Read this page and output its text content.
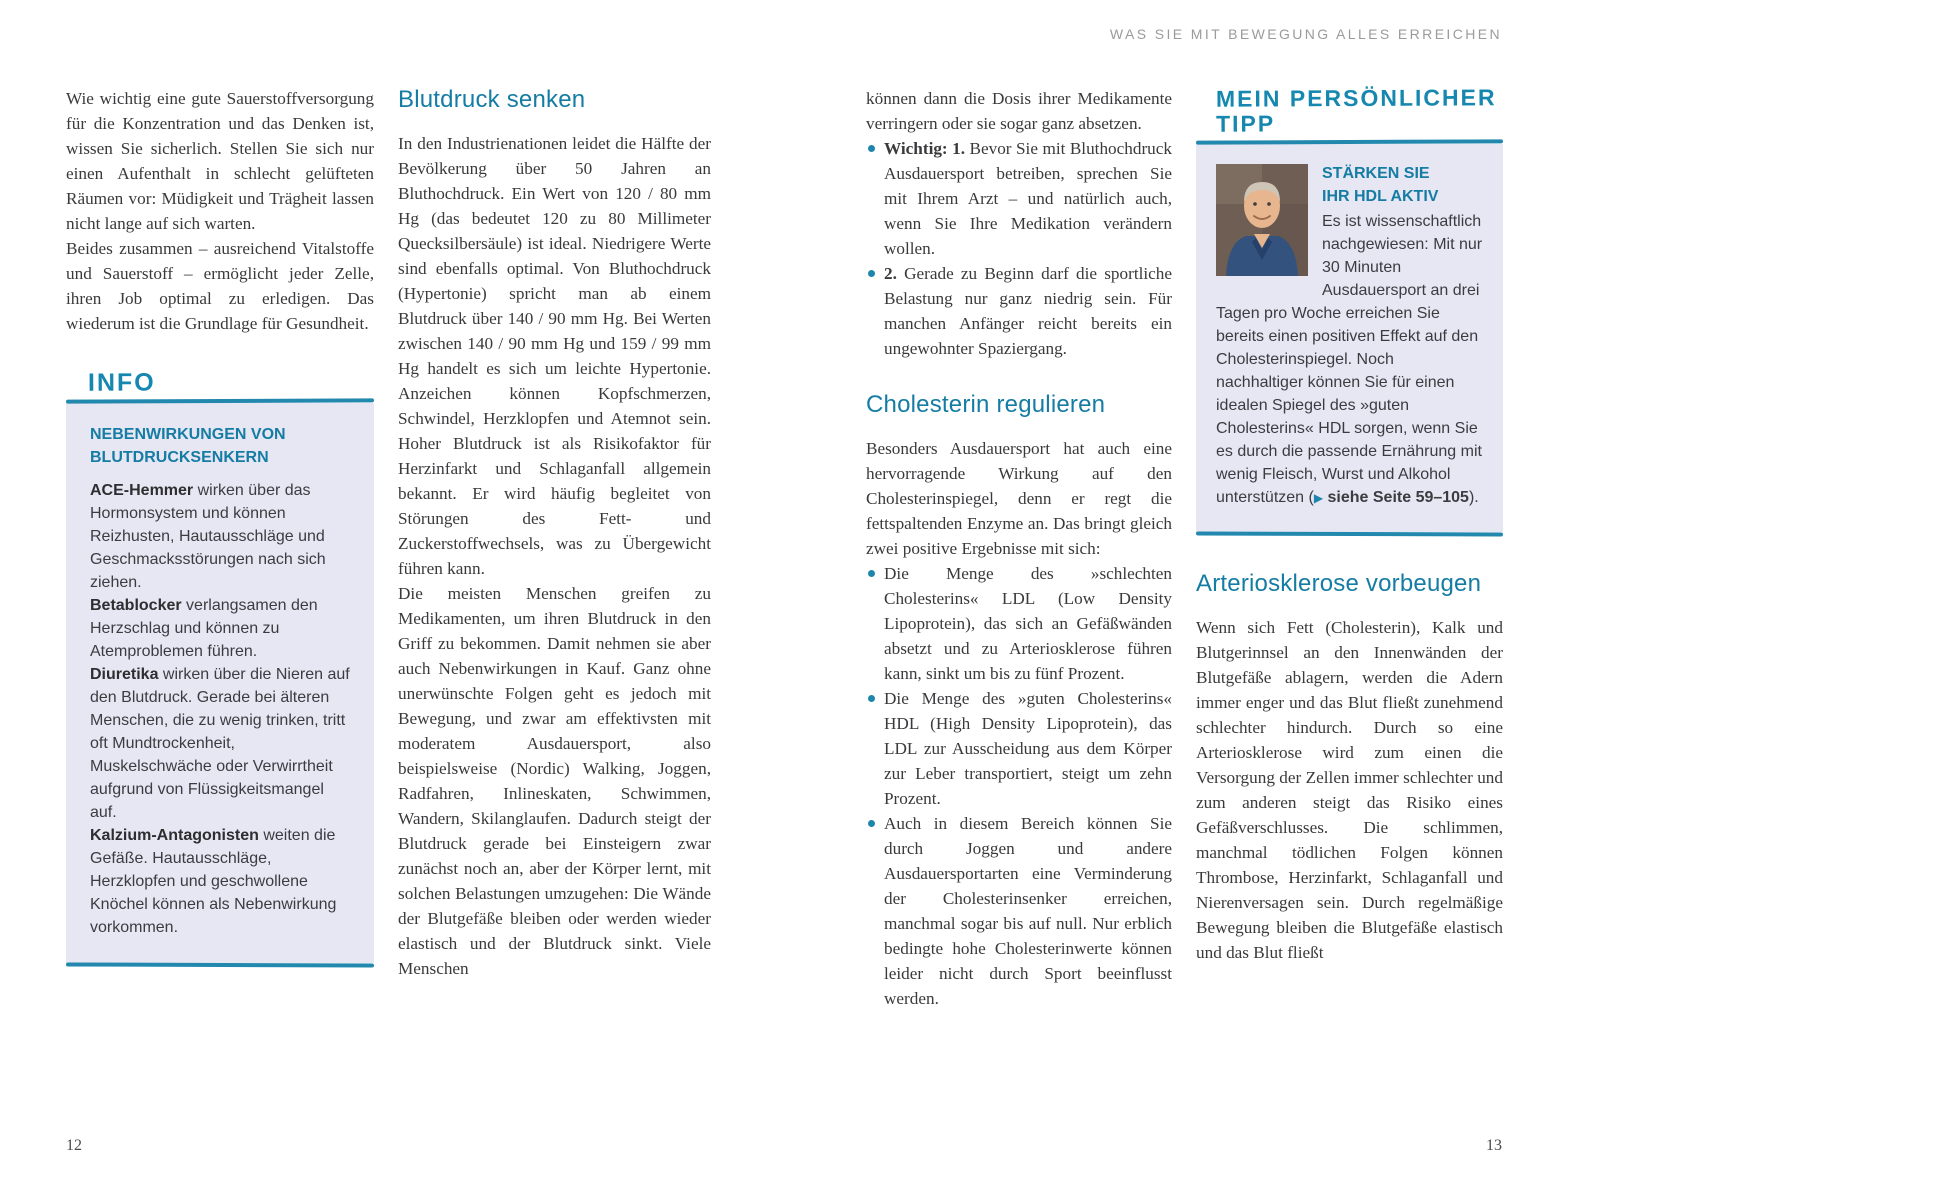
WAS SIE MIT BEWEGUNG ALLES ERREICHEN

Wie wichtig eine gute Sauerstoffversorgung für die Konzentration und das Denken ist, wissen Sie sicherlich. Stellen Sie sich nur einen Aufenthalt in schlecht gelüfteten Räumen vor: Müdigkeit und Trägheit lassen nicht lange auf sich warten.

Beides zusammen – ausreichend Vitalstoffe und Sauerstoff – ermöglicht jeder Zelle, ihren Job optimal zu erledigen. Das wiederum ist die Grundlage für Gesundheit.

INFO

NEBENWIRKUNGEN VON BLUTDRUCKSENKERN

ACE-Hemmer wirken über das Hormonsystem und können Reizhusten, Hautausschläge und Geschmacksstörungen nach sich ziehen.

Betablocker verlangsamen den Herzschlag und können zu Atemproblemen führen.

Diuretika wirken über die Nieren auf den Blutdruck. Gerade bei älteren Menschen, die zu wenig trinken, tritt oft Mundtrockenheit, Muskelschwäche oder Verwirrtheit aufgrund von Flüssigkeitsmangel auf.

Kalzium-Antagonisten weiten die Gefäße. Hautausschläge, Herzklopfen und geschwollene Knöchel können als Nebenwirkung vorkommen.

Blutdruck senken

In den Industrienationen leidet die Hälfte der Bevölkerung über 50 Jahren an Bluthochdruck. Ein Wert von 120 / 80 mm Hg (das bedeutet 120 zu 80 Millimeter Quecksilbersäule) ist ideal. Niedrigere Werte sind ebenfalls optimal. Von Bluthochdruck (Hypertonie) spricht man ab einem Blutdruck über 140 / 90 mm Hg. Bei Werten zwischen 140 / 90 mm Hg und 159 / 99 mm Hg handelt es sich um leichte Hypertonie. Anzeichen können Kopfschmerzen, Schwindel, Herzklopfen und Atemnot sein. Hoher Blutdruck ist als Risikofaktor für Herzinfarkt und Schlaganfall allgemein bekannt. Er wird häufig begleitet von Störungen des Fett- und Zuckerstoffwechsels, was zu Übergewicht führen kann.

Die meisten Menschen greifen zu Medikamenten, um ihren Blutdruck in den Griff zu bekommen. Damit nehmen sie aber auch Nebenwirkungen in Kauf. Ganz ohne unerwünschte Folgen geht es jedoch mit Bewegung, und zwar am effektivsten mit moderatem Ausdauersport, also beispielsweise (Nordic) Walking, Joggen, Radfahren, Inlineskaten, Schwimmen, Wandern, Skilanglaufen. Dadurch steigt der Blutdruck gerade bei Einsteigern zwar zunächst noch an, aber der Körper lernt, mit solchen Belastungen umzugehen: Die Wände der Blutgefäße bleiben oder werden wieder elastisch und der Blutdruck sinkt. Viele Menschen

können dann die Dosis ihrer Medikamente verringern oder sie sogar ganz absetzen.

Wichtig: 1. Bevor Sie mit Bluthochdruck Ausdauersport betreiben, sprechen Sie mit Ihrem Arzt – und natürlich auch, wenn Sie Ihre Medikation verändern wollen.

2. Gerade zu Beginn darf die sportliche Belastung nur ganz niedrig sein. Für manchen Anfänger reicht bereits ein ungewohnter Spaziergang.

Cholesterin regulieren

Besonders Ausdauersport hat auch eine hervorragende Wirkung auf den Cholesterinspiegel, denn er regt die fettspaltenden Enzyme an. Das bringt gleich zwei positive Ergebnisse mit sich:

Die Menge des »schlechten Cholesterins« LDL (Low Density Lipoprotein), das sich an Gefäßwänden absetzt und zu Arteriosklerose führen kann, sinkt um bis zu fünf Prozent.

Die Menge des »guten Cholesterins« HDL (High Density Lipoprotein), das LDL zur Ausscheidung aus dem Körper zur Leber transportiert, steigt um zehn Prozent.

Auch in diesem Bereich können Sie durch Joggen und andere Ausdauersportarten eine Verminderung der Cholesterinsenker erreichen, manchmal sogar bis auf null. Nur erblich bedingte hohe Cholesterinwerte können leider nicht durch Sport beeinflusst werden.

MEIN PERSÖNLICHER TIPP

STÄRKEN SIE
IHR HDL AKTIV

Es ist wissenschaftlich nachgewiesen: Mit nur 30 Minuten Ausdauersport an drei Tagen pro Woche erreichen Sie bereits einen positiven Effekt auf den Cholesterinspiegel. Noch nachhaltiger können Sie für einen idealen Spiegel des »guten Cholesterins« HDL sorgen, wenn Sie es durch die passende Ernährung mit wenig Fleisch, Wurst und Alkohol unterstützen (▶ siehe Seite 59–105).

Arteriosklerose vorbeugen

Wenn sich Fett (Cholesterin), Kalk und Blutgerinnsel an den Innenwänden der Blutgefäße ablagern, werden die Adern immer enger und das Blut fließt zunehmend schlechter hindurch. Durch so eine Arteriosklerose wird zum einen die Versorgung der Zellen immer schlechter und zum anderen steigt das Risiko eines Gefäßverschlusses. Die schlimmen, manchmal tödlichen Folgen können Thrombose, Herzinfarkt, Schlaganfall und Nierenversagen sein. Durch regelmäßige Bewegung bleiben die Blutgefäße elastisch und das Blut fließt

12	13
